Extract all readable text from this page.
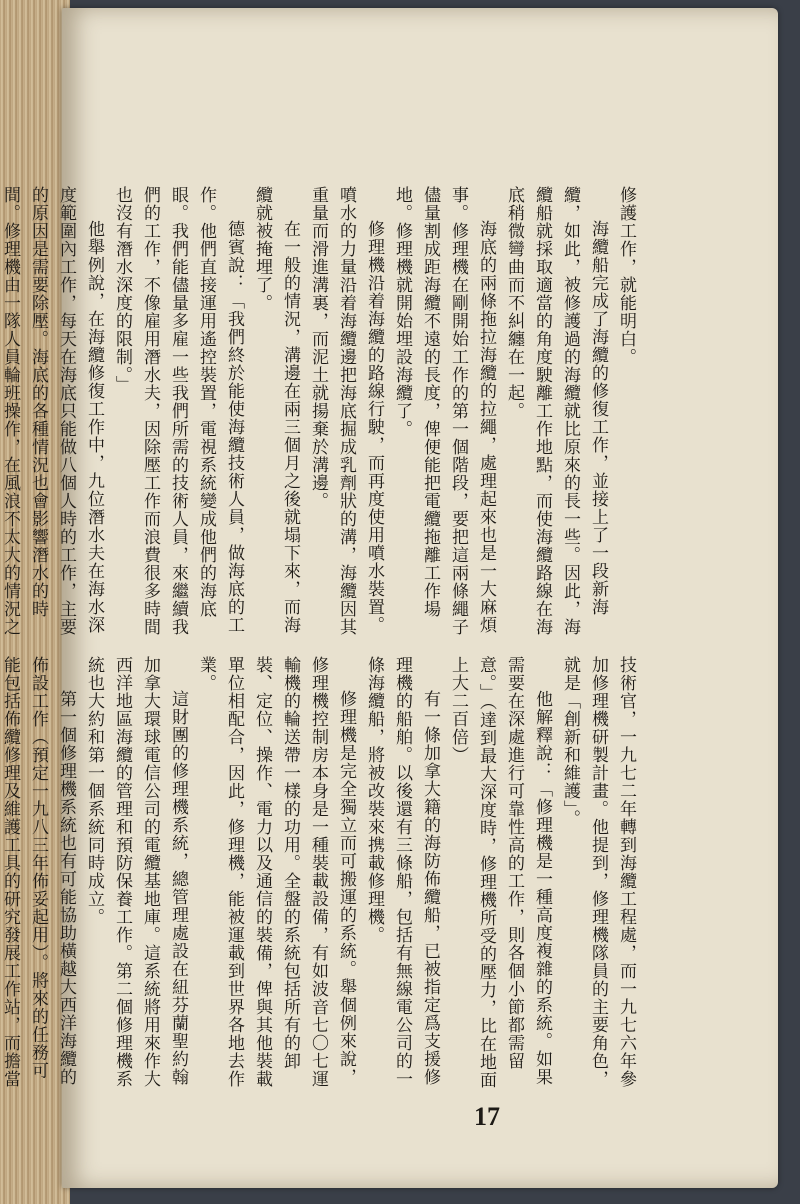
修護工作，就能明白。

海纜船完成了海纜的修復工作，並接上了一段新海纜，如此，被修護過的海纜就比原來的長一些。因此，海纜船就採取適當的角度駛離工作地點，而使海纜路線在海底稍微彎曲而不糾纏在一起。

海底的兩條拖拉海纜的拉繩，處理起來也是一大麻煩事。修理機在剛開始工作的第一個階段，要把這兩條繩子儘量割成距海纜不遠的長度，俾便能把電纜拖離工作場地。修理機就開始埋設海纜了。

修理機沿着海纜的路線行駛，而再度使用噴水裝置。噴水的力量沿着海纜邊把海底掘成乳劑狀的溝，海纜因其重量而滑進溝裏，而泥土就揚棄於溝邊。

在一般的情況，溝邊在兩三個月之後就塌下來，而海纜就被掩埋了。

德賓說：「我們終於能使海纜技術人員，做海底的工作。他們直接運用遙控裝置，電視系統變成他們的海底眼。我們能儘量多雇一些我們所需的技術人員，來繼續我們的工作，不像雇用潛水夫，因除壓工作而浪費很多時間也沒有潛水深度的限制。」

他舉例說，在海纜修復工作中，九位潛水夫在海水深度範圍內工作，每天在海底只能做八個人時的工作，主要的原因是需要除壓。海底的各種情況也會影響潛水的時間。修理機由一隊人員輪班操作，在風浪不太大的情況之

技術官，一九七二年轉到海纜工程處，而一九七六年參加修理機研製計畫。他提到，修理機隊員的主要角色，就是「創新和維護」。

他解釋說：「修理機是一種高度複雜的系統。如果需要在深處進行可靠性高的工作，則各個小節都需留意。」（達到最大深度時，修理機所受的壓力，比在地面上大二百倍）

有一條加拿大籍的海防佈纜船，已被指定爲支援修理機的船舶。以後還有三條船，包括有無線電公司的一條海纜船，將被改裝來携載修理機。

修理機是完全獨立而可搬運的系統。舉個例來說，修理機控制房本身是一種裝載設備，有如波音七〇七運輸機的輪送帶一樣的功用。全盤的系統包括所有的卸裝、定位、操作、電力以及通信的裝備，俾與其他裝載單位相配合，因此，修理機，能被運載到世界各地去作業。

這財團的修理機系統，總管理處設在紐芬蘭聖約翰加拿大環球電信公司的電纜基地庫。這系統將用來作大西洋地區海纜的管理和預防保養工作。第二個修理機系統也大約和第一個系統同時成立。

第一個修理機系統也有可能協助橫越大西洋海纜的佈設工作（預定一九八三年佈妥起用）。將來的任務可能包括佈纜修理及維護工具的研究發展工作站，而擔當

17
